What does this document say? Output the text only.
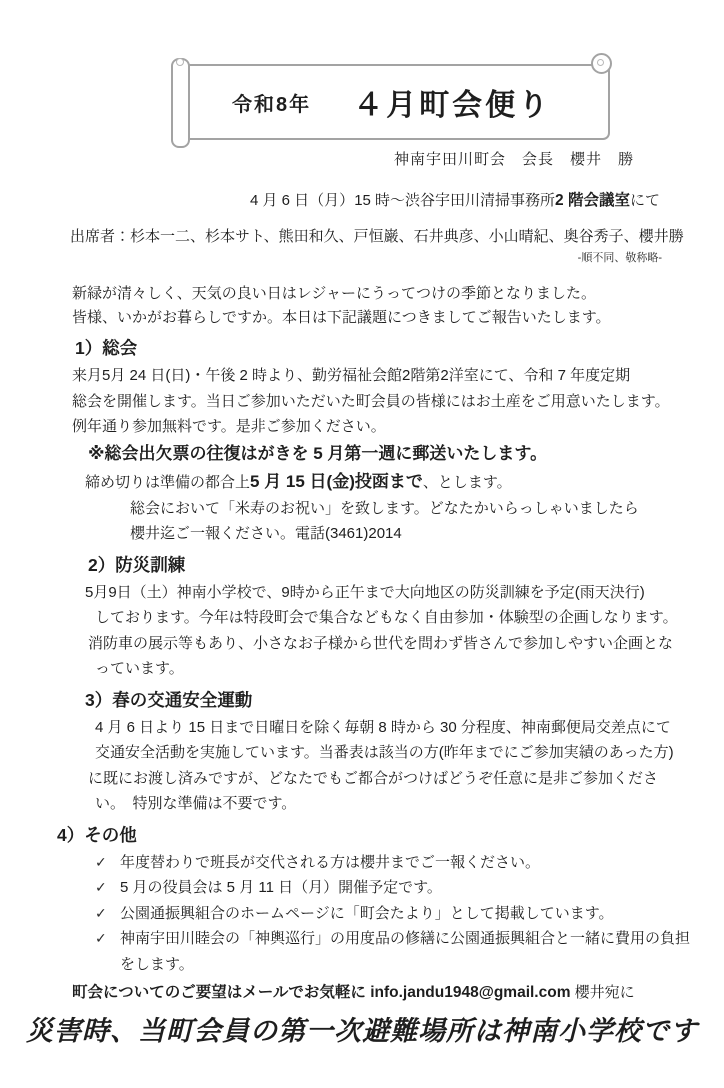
令和8年 ４月町会便り
神南宇田川町会　会長　櫻井　勝
4 月 6 日（月）15 時～渋谷宇田川清掃事務所2 階会議室にて
出席者：杉本一二、杉本サト、熊田和久、戸恒巌、石井典彦、小山晴紀、奥谷秀子、櫻井勝
-順不同、敬称略-
新緑が清々しく、天気の良い日はレジャーにうってつけの季節となりました。
皆様、いかがお暮らしですか。本日は下記議題につきましてご報告いたします。
1）総会
来月5月 24 日(日)・午後 2 時より、勤労福祉会館2階第2洋室にて、令和 7 年度定期
総会を開催します。当日ご参加いただいた町会員の皆様にはお土産をご用意いたします。
例年通り参加無料です。是非ご参加ください。
※総会出欠票の往復はがきを 5 月第一週に郵送いたします。
締め切りは準備の都合上5 月 15 日(金)投函まで、とします。
総会において「米寿のお祝い」を致します。どなたかいらっしゃいましたら
櫻井迄ご一報ください。電話(3461)2014
2）防災訓練
5月9日（土）神南小学校で、9時から正午まで大向地区の防災訓練を予定(雨天決行)
しております。今年は特段町会で集合などもなく自由参加・体験型の企画しなります。
消防車の展示等もあり、小さなお子様から世代を問わず皆さんで参加しやすい企画とな
っています。
3）春の交通安全運動
4 月 6 日より 15 日まで日曜日を除く毎朝 8 時から 30 分程度、神南郵便局交差点にて
交通安全活動を実施しています。当番表は該当の方(昨年までにご参加実績のあった方)
に既にお渡し済みですが、どなたでもご都合がつけばどうぞ任意に是非ご参加くださ
い。　特別な準備は不要です。
4）その他
✓ 年度替わりで班長が交代される方は櫻井までご一報ください。
✓ 5 月の役員会は 5 月 11 日（月）開催予定です。
✓ 公園通振興組合のホームページに「町会たより」として掲載しています。
✓ 神南宇田川睦会の「神輿巡行」の用度品の修繕に公園通振興組合と一緒に費用の負担
をします。
町会についてのご要望はメールでお気軽に info.jandu1948@gmail.com 櫻井宛に
災害時、当町会員の第一次避難場所は神南小学校です
